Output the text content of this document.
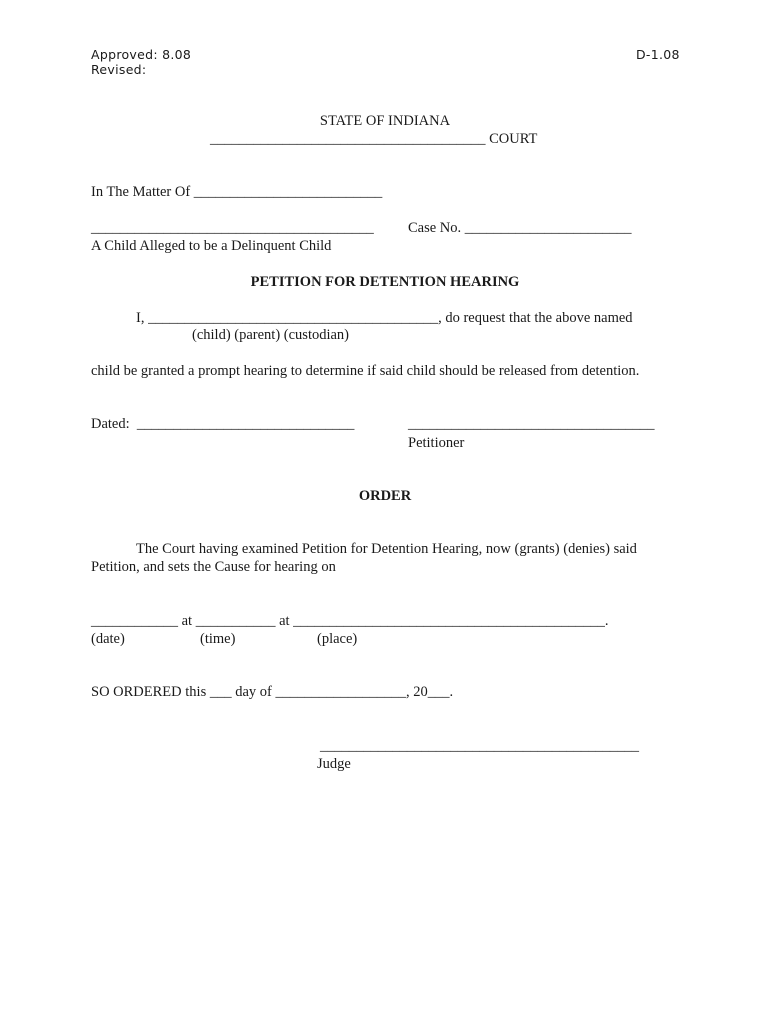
Approved: 8.08
Revised:
D-1.08
STATE OF INDIANA
______________________________________ COURT
In The Matter Of __________________________
_______________________________________ Case No. _______________________
A Child Alleged to be a Delinquent Child
PETITION FOR DETENTION HEARING
I, ________________________________________, do request that the above named
(child) (parent) (custodian)
child be granted a prompt hearing to determine if said child should be released from detention.
Dated:  ______________________________	__________________________________
Petitioner
ORDER
The Court having examined Petition for Detention Hearing, now (grants) (denies) said
Petition, and sets the Cause for hearing on
____________ at ___________ at ___________________________________________.
(date)	(time)	(place)
SO ORDERED this ___ day of __________________, 20___.
____________________________________________
Judge
